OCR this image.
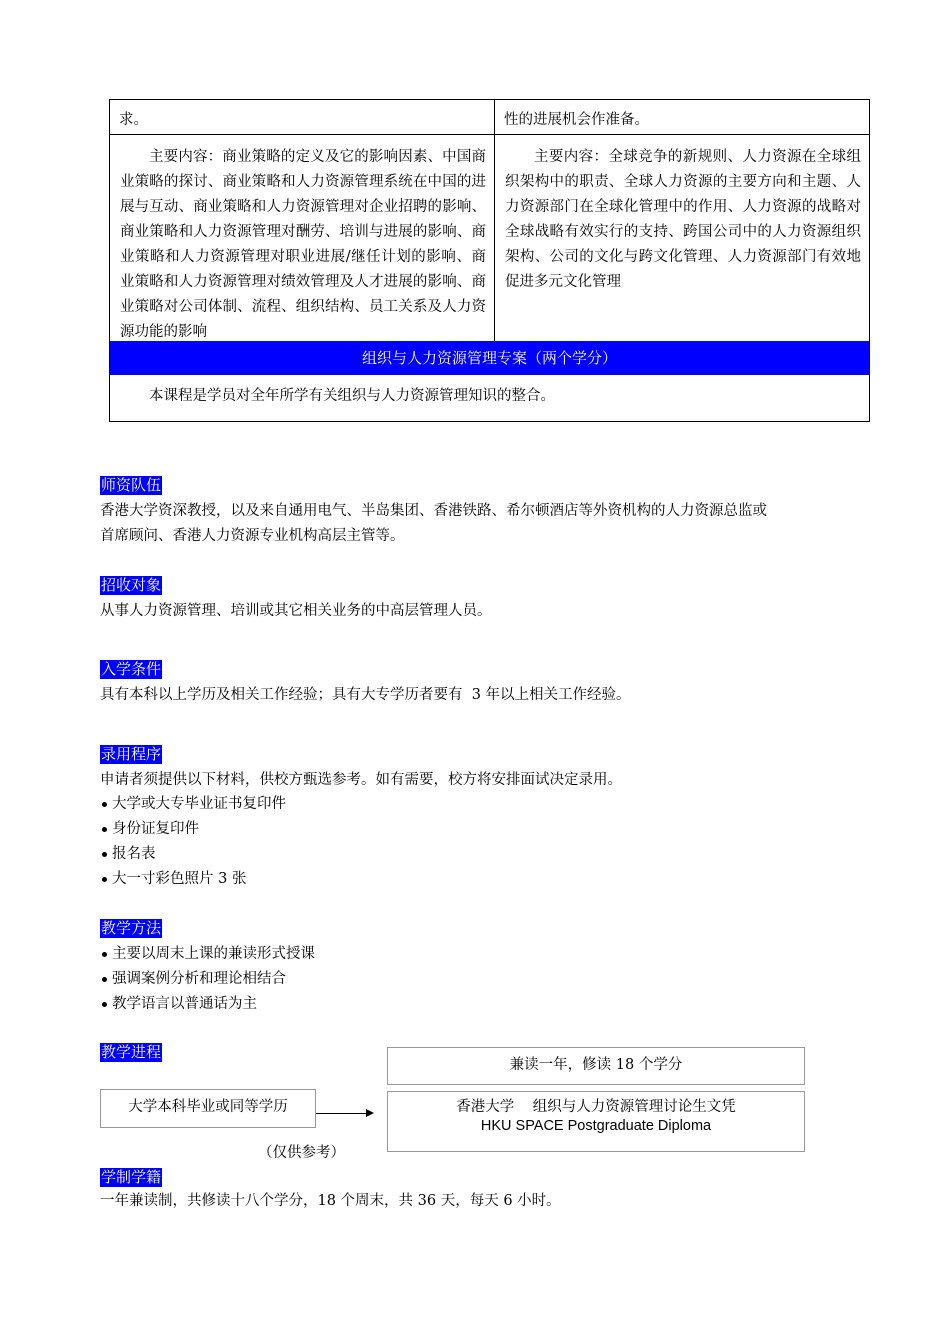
求。	性的进展机会作准备。
主要内容：商业策略的定义及它的影响因素、中国商业策略的探讨、商业策略和人力资源管理系统在中国的进展与互动、商业策略和人力资源管理对企业招聘的影响、商业策略和人力资源管理对酬劳、培训与进展的影响、商业策略和人力资源管理对职业进展/继任计划的影响、商业策略和人力资源管理对绩效管理及人才进展的影响、商业策略对公司体制、流程、组织结构、员工关系及人力资源功能的影响
主要内容：全球竞争的新规则、人力资源在全球组织架构中的职责、全球人力资源的主要方向和主题、人力资源部门在全球化管理中的作用、人力资源的战略对全球战略有效实行的支持、跨国公司中的人力资源组织架构、公司的文化与跨文化管理、人力资源部门有效地促进多元文化管理
组织与人力资源管理专案（两个学分）
本课程是学员对全年所学有关组织与人力资源管理知识的整合。
师资队伍
香港大学资深教授，以及来自通用电气、半岛集团、香港铁路、希尔顿酒店等外资机构的人力资源总监或
首席顾问、香港人力资源专业机构高层主管等。
招收对象
从事人力资源管理、培训或其它相关业务的中高层管理人员。
入学条件
具有本科以上学历及相关工作经验；具有大专学历者要有  3 年以上相关工作经验。
录用程序
申请者须提供以下材料，供校方甄选参考。如有需要，校方将安排面试决定录用。
大学或大专毕业证书复印件
身份证复印件
报名表
大一寸彩色照片 3 张
教学方法
主要以周末上课的兼读形式授课
强调案例分析和理论相结合
教学语言以普通话为主
教学进程
兼读一年，修读 18 个学分
大学本科毕业或同等学历	香港大学    组织与人力资源管理讨论生文凭
HKU SPACE Postgraduate Diploma
（仅供参考）
学制学籍
一年兼读制，共修读十八个学分，18 个周末，共 36 天，每天 6 小时。
